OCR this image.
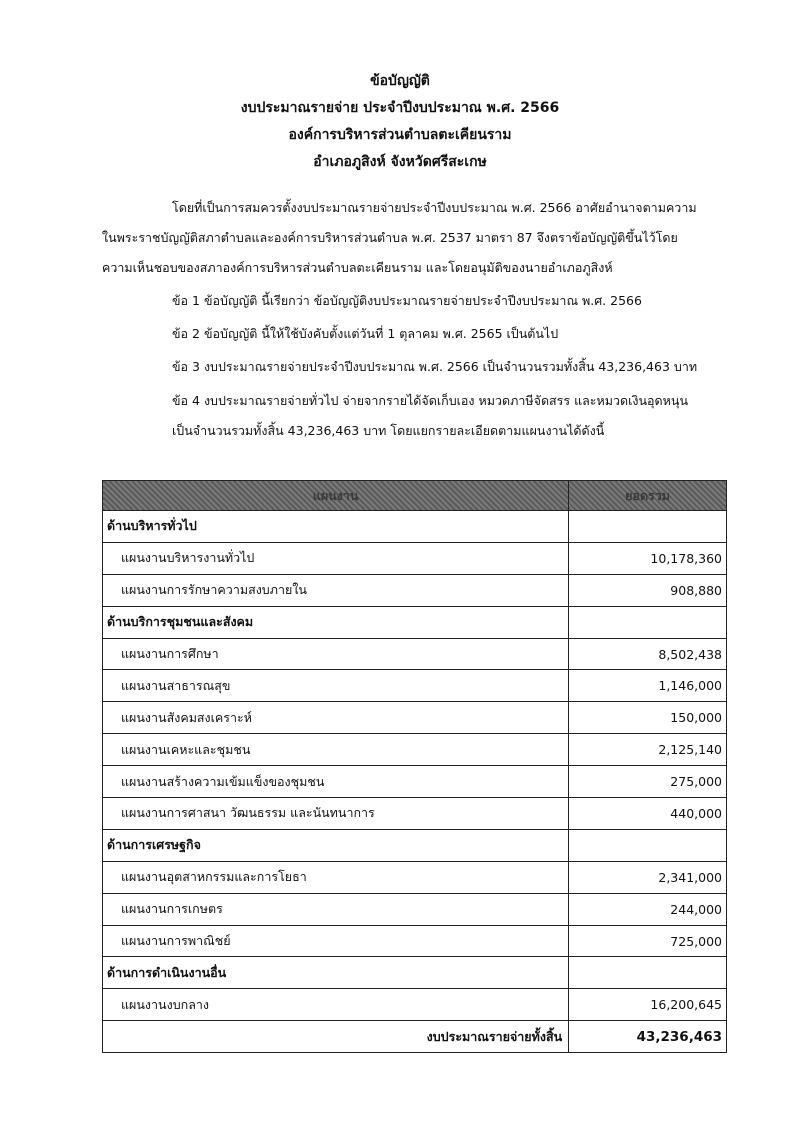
ข้อบัญญัติ
งบประมาณรายจ่าย ประจำปีงบประมาณ พ.ศ. 2566
องค์การบริหารส่วนตำบลตะเคียนราม
อำเภอภูสิงห์ จังหวัดศรีสะเกษ
โดยที่เป็นการสมควรตั้งงบประมาณรายจ่ายประจำปีงบประมาณ พ.ศ. 2566 อาศัยอำนาจตามความ
ในพระราชบัญญัติสภาตำบลและองค์การบริหารส่วนตำบล พ.ศ. 2537 มาตรา 87 จึงตราข้อบัญญัติขึ้นไว้โดย
ความเห็นชอบของสภาองค์การบริหารส่วนตำบลตะเคียนราม และโดยอนุมัติของนายอำเภอภูสิงห์
ข้อ 1 ข้อบัญญัติ นี้เรียกว่า ข้อบัญญัติงบประมาณรายจ่ายประจำปีงบประมาณ พ.ศ. 2566
ข้อ 2 ข้อบัญญัติ นี้ให้ใช้บังคับตั้งแต่วันที่ 1 ตุลาคม พ.ศ. 2565 เป็นต้นไป
ข้อ 3 งบประมาณรายจ่ายประจำปีงบประมาณ พ.ศ. 2566 เป็นจำนวนรวมทั้งสิ้น 43,236,463 บาท
ข้อ 4 งบประมาณรายจ่ายทั่วไป จ่ายจากรายได้จัดเก็บเอง หมวดภาษีจัดสรร และหมวดเงินอุดหนุน
เป็นจำนวนรวมทั้งสิ้น 43,236,463 บาท โดยแยกรายละเอียดตามแผนงานได้ดังนี้
แผนงาน	ยอดรวม
ด้านบริหารทั่วไป	
แผนงานบริหารงานทั่วไป	10,178,360
แผนงานการรักษาความสงบภายใน	908,880
ด้านบริการชุมชนและสังคม	
แผนงานการศึกษา	8,502,438
แผนงานสาธารณสุข	1,146,000
แผนงานสังคมสงเคราะห์	150,000
แผนงานเคหะและชุมชน	2,125,140
แผนงานสร้างความเข้มแข็งของชุมชน	275,000
แผนงานการศาสนา วัฒนธรรม และนันทนาการ	440,000
ด้านการเศรษฐกิจ	
แผนงานอุตสาหกรรมและการโยธา	2,341,000
แผนงานการเกษตร	244,000
แผนงานการพาณิชย์	725,000
ด้านการดำเนินงานอื่น	
แผนงานงบกลาง	16,200,645
งบประมาณรายจ่ายทั้งสิ้น	43,236,463
